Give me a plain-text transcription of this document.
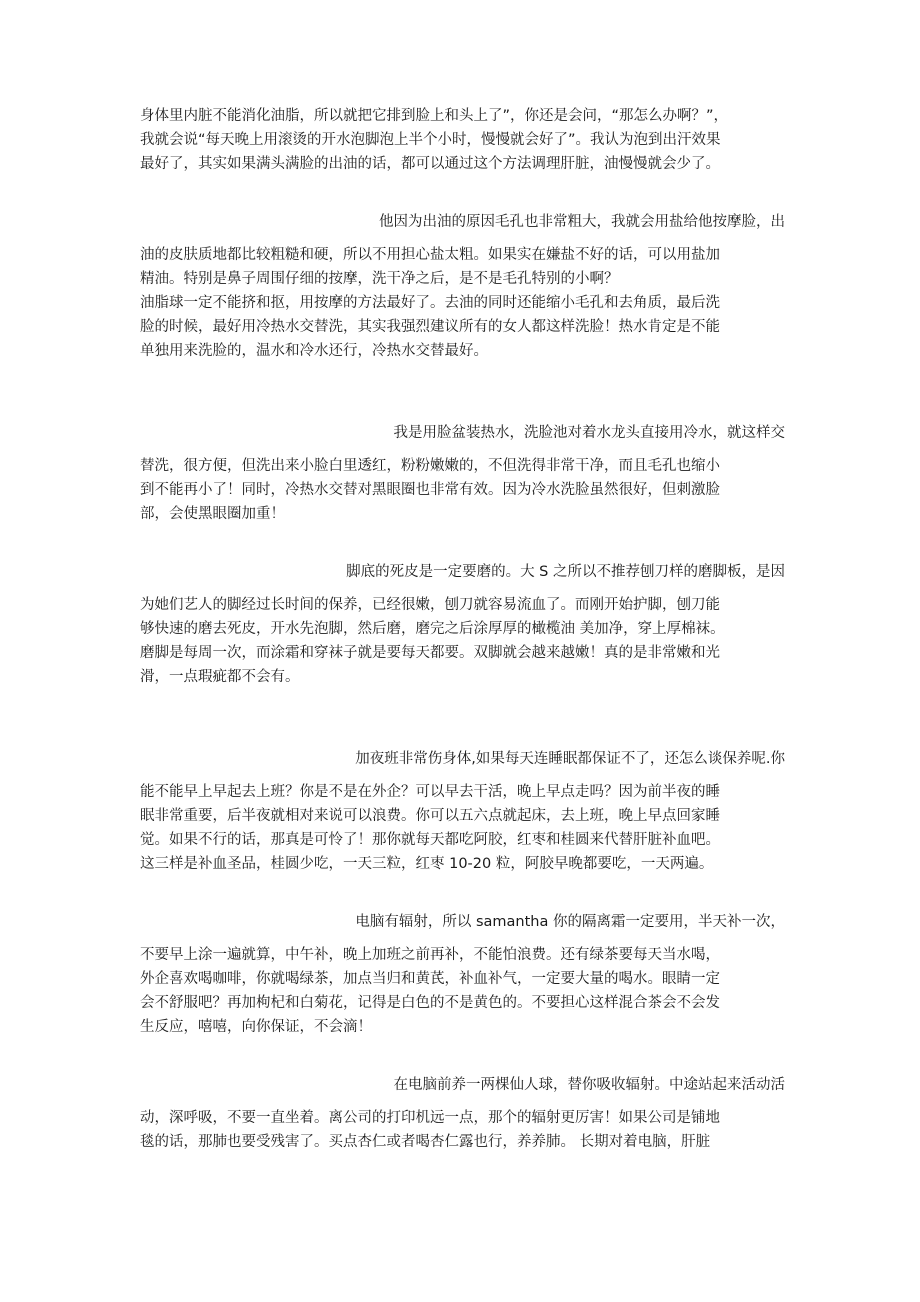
身体里内脏不能消化油脂，所以就把它排到脸上和头上了”，你还是会问，“那怎么办啊？”，
我就会说“每天晚上用滚烫的开水泡脚泡上半个小时，慢慢就会好了”。我认为泡到出汗效果
最好了，其实如果满头满脸的出油的话，都可以通过这个方法调理肝脏，油慢慢就会少了。
他因为出油的原因毛孔也非常粗大，我就会用盐给他按摩脸，出
油的皮肤质地都比较粗糙和硬，所以不用担心盐太粗。如果实在嫌盐不好的话，可以用盐加
精油。特别是鼻子周围仔细的按摩，洗干净之后，是不是毛孔特别的小啊？
油脂球一定不能挤和抠，用按摩的方法最好了。去油的同时还能缩小毛孔和去角质，最后洗
脸的时候，最好用冷热水交替洗，其实我强烈建议所有的女人都这样洗脸！热水肯定是不能
单独用来洗脸的，温水和冷水还行，冷热水交替最好。
我是用脸盆装热水，洗脸池对着水龙头直接用冷水，就这样交
替洗，很方便，但洗出来小脸白里透红，粉粉嫩嫩的，不但洗得非常干净，而且毛孔也缩小
到不能再小了！同时，冷热水交替对黑眼圈也非常有效。因为冷水洗脸虽然很好，但刺激脸
部，会使黑眼圈加重！
脚底的死皮是一定要磨的。大 S 之所以不推荐刨刀样的磨脚板，是因
为她们艺人的脚经过长时间的保养，已经很嫩，刨刀就容易流血了。而刚开始护脚，刨刀能
够快速的磨去死皮，开水先泡脚，然后磨，磨完之后涂厚厚的橄榄油 美加净，穿上厚棉袜。
磨脚是每周一次，而涂霜和穿袜子就是要每天都要。双脚就会越来越嫩！真的是非常嫩和光
滑，一点瑕疵都不会有。
加夜班非常伤身体,如果每天连睡眠都保证不了，还怎么谈保养呢.你
能不能早上早起去上班？你是不是在外企？可以早去干活，晚上早点走吗？因为前半夜的睡
眠非常重要，后半夜就相对来说可以浪费。你可以五六点就起床，去上班，晚上早点回家睡
觉。如果不行的话，那真是可怜了！那你就每天都吃阿胶，红枣和桂圆来代替肝脏补血吧。
这三样是补血圣品，桂圆少吃，一天三粒，红枣 10-20 粒，阿胶早晚都要吃，一天两遍。
电脑有辐射，所以 samantha 你的隔离霜一定要用，半天补一次，
不要早上涂一遍就算，中午补，晚上加班之前再补，不能怕浪费。还有绿茶要每天当水喝，
外企喜欢喝咖啡，你就喝绿茶，加点当归和黄芪，补血补气，一定要大量的喝水。眼睛一定
会不舒服吧？再加枸杞和白菊花，记得是白色的不是黄色的。不要担心这样混合茶会不会发
生反应，嘻嘻，向你保证，不会滴！
在电脑前养一两棵仙人球，替你吸收辐射。中途站起来活动活
动，深呼吸，不要一直坐着。离公司的打印机远一点，那个的辐射更厉害！如果公司是铺地
毯的话，那肺也要受残害了。买点杏仁或者喝杏仁露也行，养养肺。 长期对着电脑，肝脏
